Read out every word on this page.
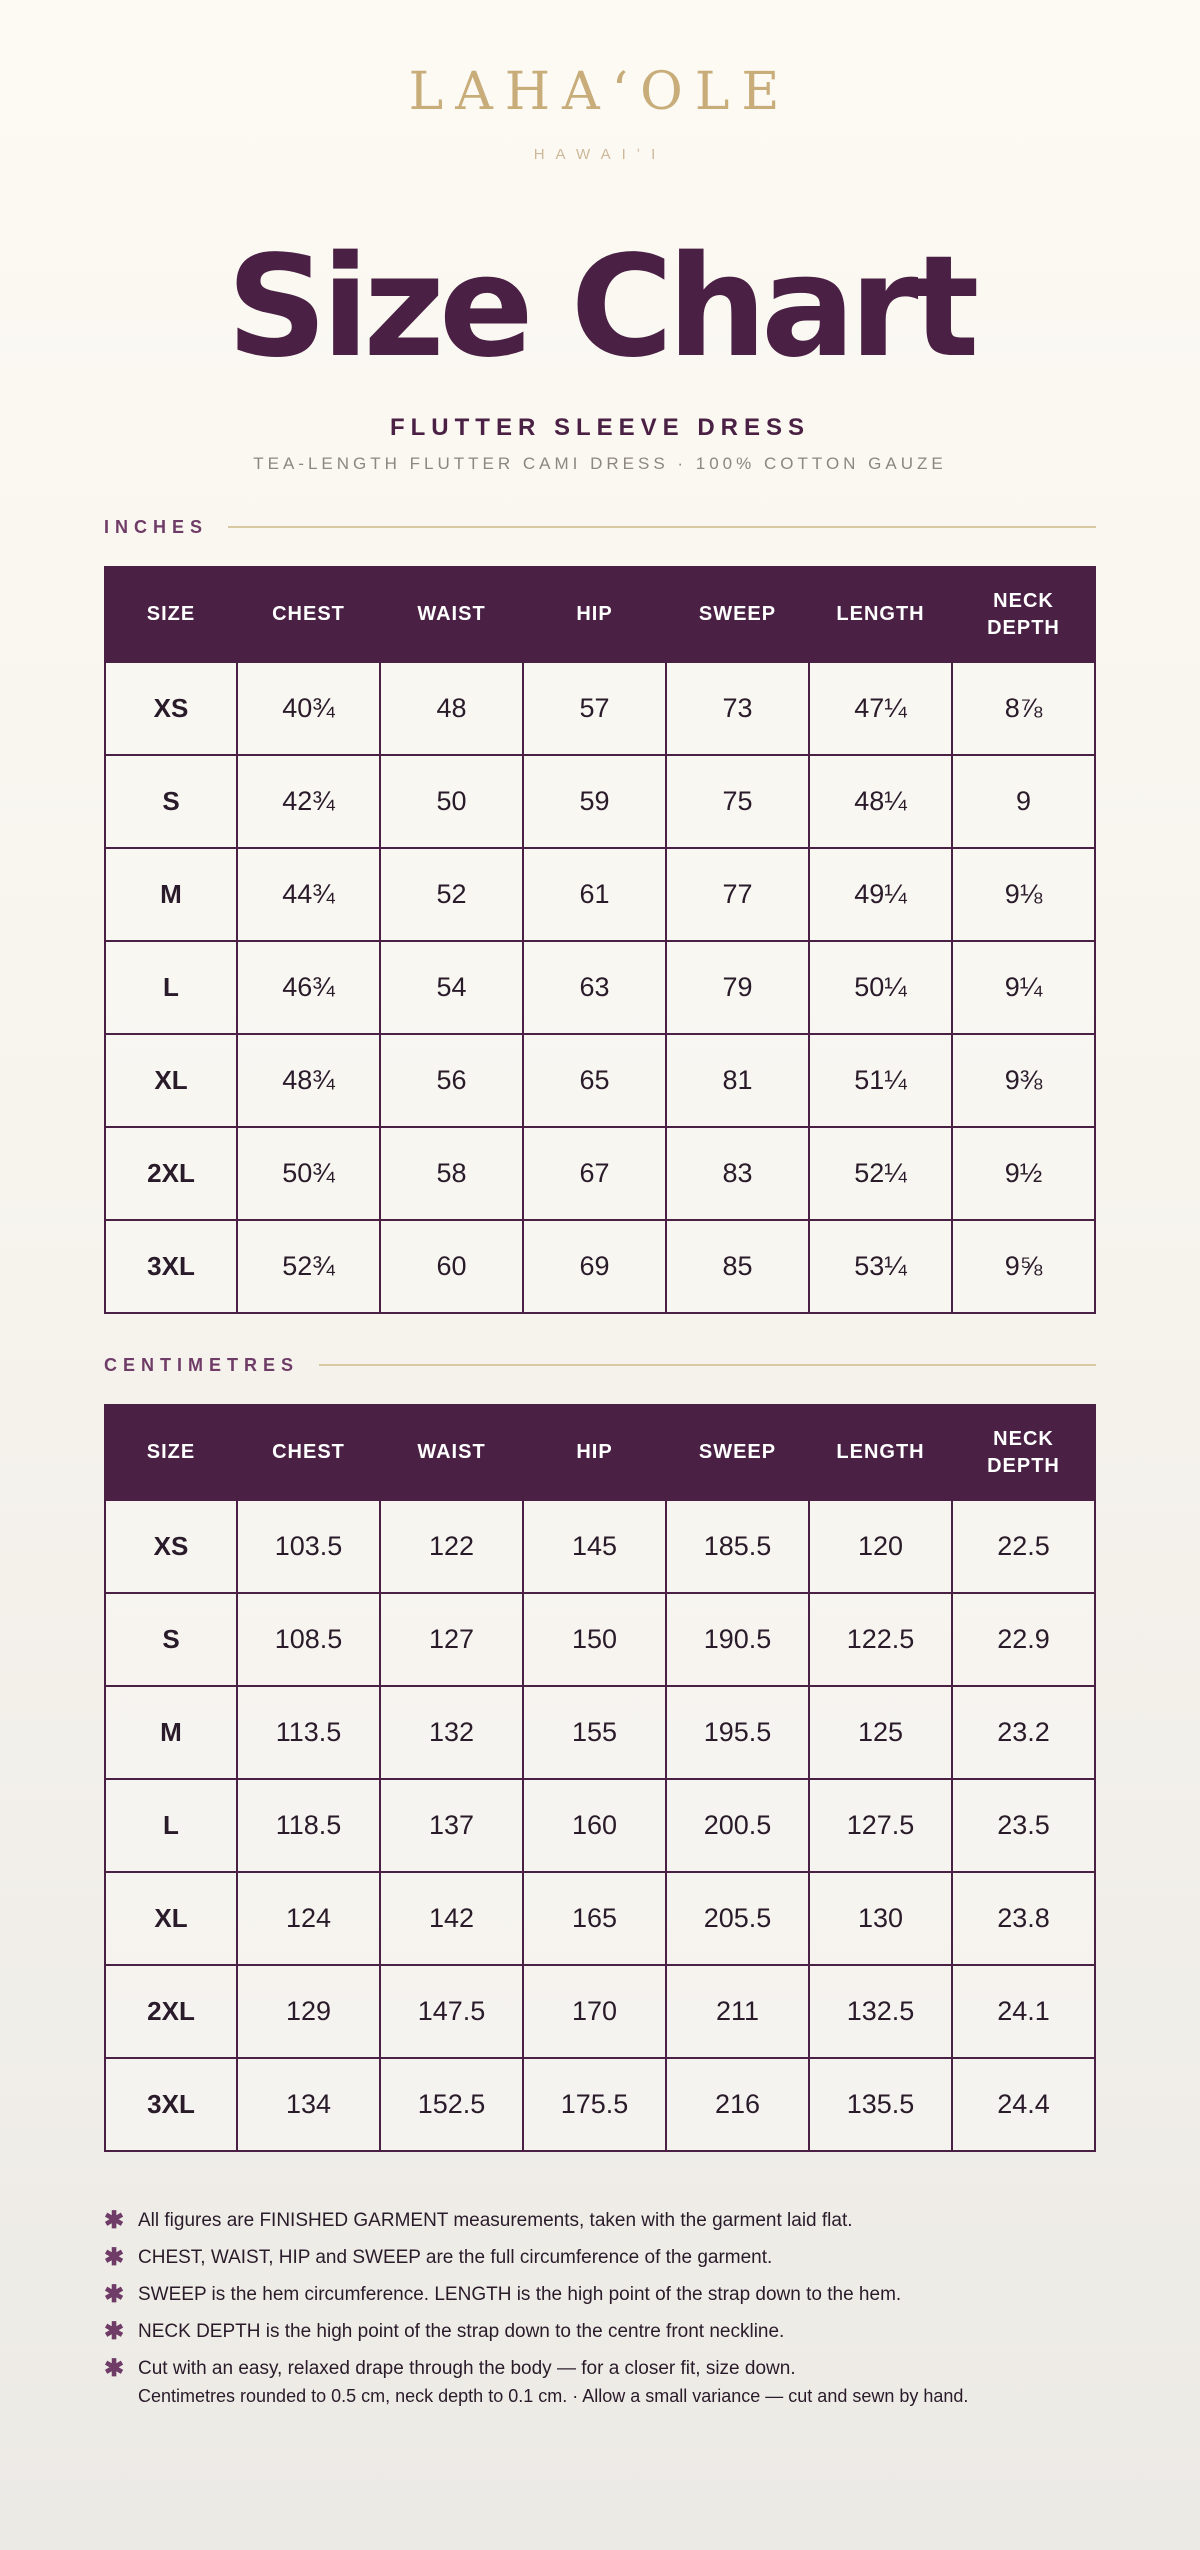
LAHAʻOLE
HAWAIʻI
Size Chart
FLUTTER SLEEVE DRESS
TEA-LENGTH FLUTTER CAMI DRESS · 100% COTTON GAUZE
INCHES
SIZE	CHEST	WAIST	HIP	SWEEP	LENGTH	NECK DEPTH
XS	40¾	48	57	73	47¼	8⅞
S	42¾	50	59	75	48¼	9
M	44¾	52	61	77	49¼	9⅛
L	46¾	54	63	79	50¼	9¼
XL	48¾	56	65	81	51¼	9⅜
2XL	50¾	58	67	83	52¼	9½
3XL	52¾	60	69	85	53¼	9⅝
CENTIMETRES
SIZE	CHEST	WAIST	HIP	SWEEP	LENGTH	NECK DEPTH
XS	103.5	122	145	185.5	120	22.5
S	108.5	127	150	190.5	122.5	22.9
M	113.5	132	155	195.5	125	23.2
L	118.5	137	160	200.5	127.5	23.5
XL	124	142	165	205.5	130	23.8
2XL	129	147.5	170	211	132.5	24.1
3XL	134	152.5	175.5	216	135.5	24.4
✱ All figures are FINISHED GARMENT measurements, taken with the garment laid flat.
✱ CHEST, WAIST, HIP and SWEEP are the full circumference of the garment.
✱ SWEEP is the hem circumference. LENGTH is the high point of the strap down to the hem.
✱ NECK DEPTH is the high point of the strap down to the centre front neckline.
✱ Cut with an easy, relaxed drape through the body — for a closer fit, size down.
Centimetres rounded to 0.5 cm, neck depth to 0.1 cm. · Allow a small variance — cut and sewn by hand.
